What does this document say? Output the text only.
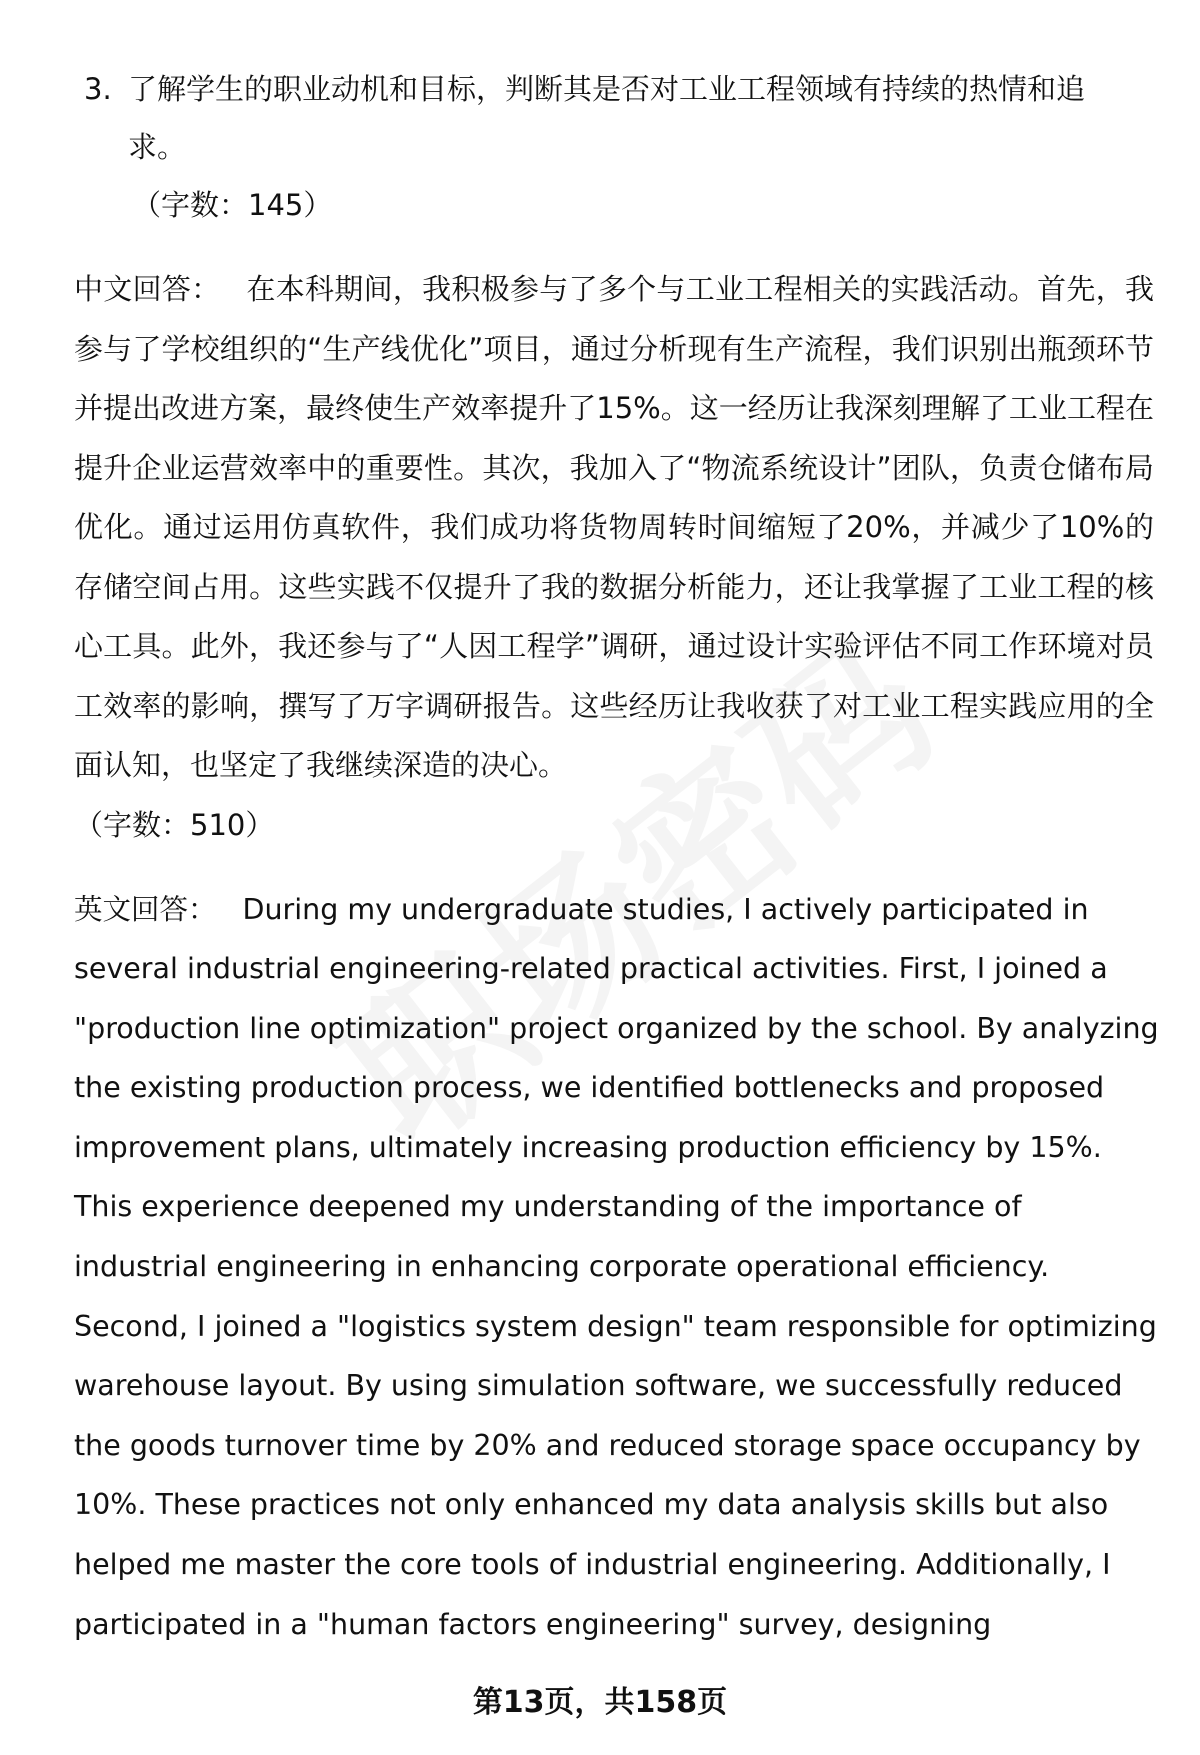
3. 了解学生的职业动机和目标，判断其是否对工业工程领域有持续的热情和追求。
（字数：145）
中文回答： 在本科期间，我积极参与了多个与工业工程相关的实践活动。首先，我参与了学校组织的“生产线优化”项目，通过分析现有生产流程，我们识别出瓶颈环节并提出改进方案，最终使生产效率提升了15%。这一经历让我深刻理解了工业工程在提升企业运营效率中的重要性。其次，我加入了“物流系统设计”团队，负责仓储布局优化。通过运用仿真软件，我们成功将货物周转时间缩短了20%，并减少了10%的存储空间占用。这些实践不仅提升了我的数据分析能力，还让我掌握了工业工程的核心工具。此外，我还参与了“人因工程学”调研，通过设计实验评估不同工作环境对员工效率的影响，撰写了万字调研报告。这些经历让我收获了对工业工程实践应用的全面认知，也坚定了我继续深造的决心。
（字数：510）
英文回答： During my undergraduate studies, I actively participated in several industrial engineering-related practical activities. First, I joined a "production line optimization" project organized by the school. By analyzing the existing production process, we identified bottlenecks and proposed improvement plans, ultimately increasing production efficiency by 15%. This experience deepened my understanding of the importance of industrial engineering in enhancing corporate operational efficiency. Second, I joined a "logistics system design" team responsible for optimizing warehouse layout. By using simulation software, we successfully reduced the goods turnover time by 20% and reduced storage space occupancy by 10%. These practices not only enhanced my data analysis skills but also helped me master the core tools of industrial engineering. Additionally, I participated in a "human factors engineering" survey, designing
第13页，共158页
